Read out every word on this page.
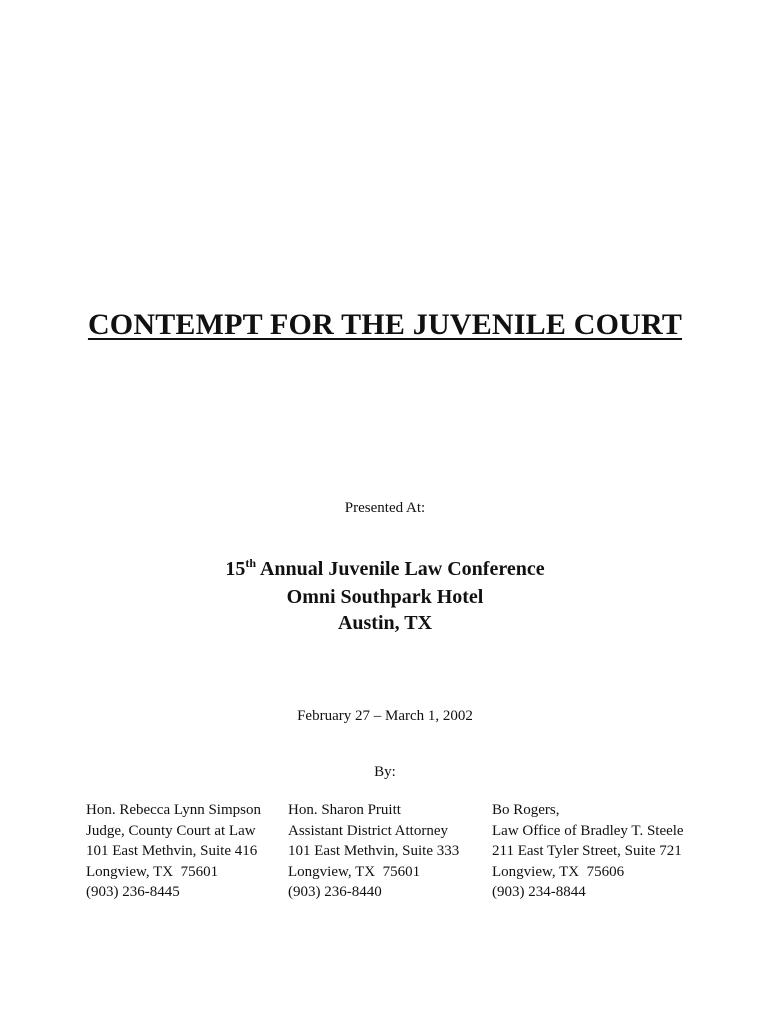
CONTEMPT FOR THE JUVENILE COURT
Presented At:
15th Annual Juvenile Law Conference
Omni Southpark Hotel
Austin, TX
February 27 – March 1, 2002
By:
Hon. Rebecca Lynn Simpson
Judge, County Court at Law
101 East Methvin, Suite 416
Longview, TX  75601
(903) 236-8445
Hon. Sharon Pruitt
Assistant District Attorney
101 East Methvin, Suite 333
Longview, TX  75601
(903) 236-8440
Bo Rogers,
Law Office of Bradley T. Steele
211 East Tyler Street, Suite 721
Longview, TX  75606
(903) 234-8844
